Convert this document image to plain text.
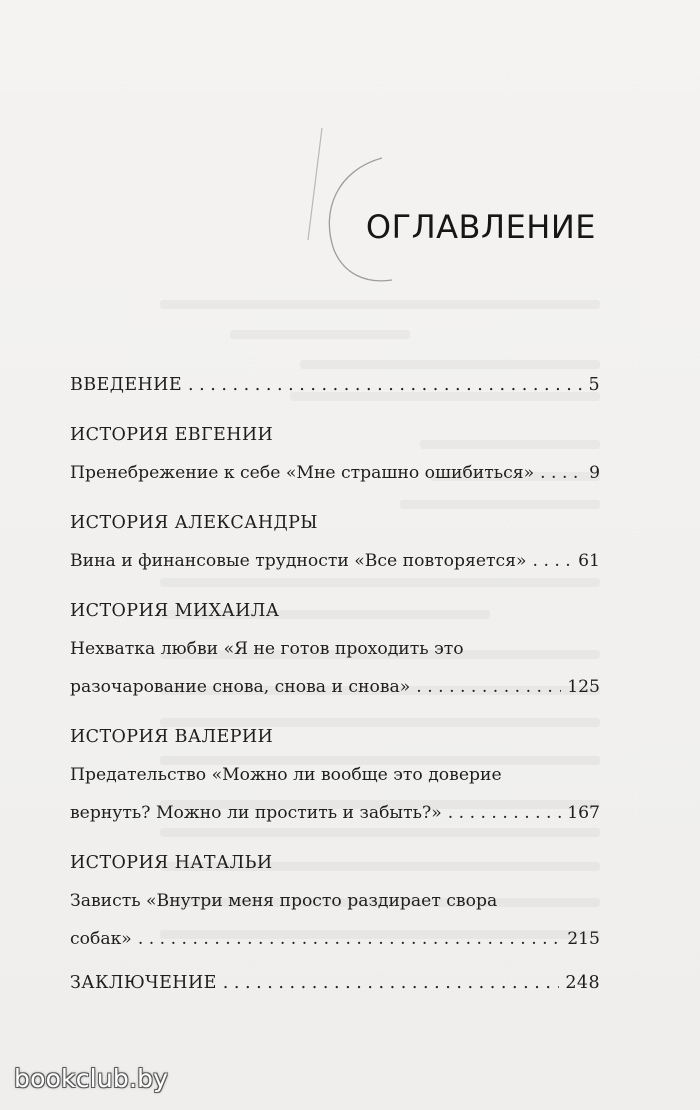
ОГЛАВЛЕНИЕ
ВВЕДЕНИЕ . . .	5
ИСТОРИЯ ЕВГЕНИИ
Пренебрежение к себе «Мне страшно ошибиться» . . .	9
ИСТОРИЯ АЛЕКСАНДРЫ
Вина и финансовые трудности «Все повторяется» . . .	61
ИСТОРИЯ МИХАИЛА
Нехватка любви «Я не готов проходить это
разочарование снова, снова и снова» . . .	125
ИСТОРИЯ ВАЛЕРИИ
Предательство «Можно ли вообще это доверие
вернуть? Можно ли простить и забыть?» . . .	167
ИСТОРИЯ НАТАЛЬИ
Зависть «Внутри меня просто раздирает свора
собак» . . .	215
ЗАКЛЮЧЕНИЕ . . .	248
bookclub.by
